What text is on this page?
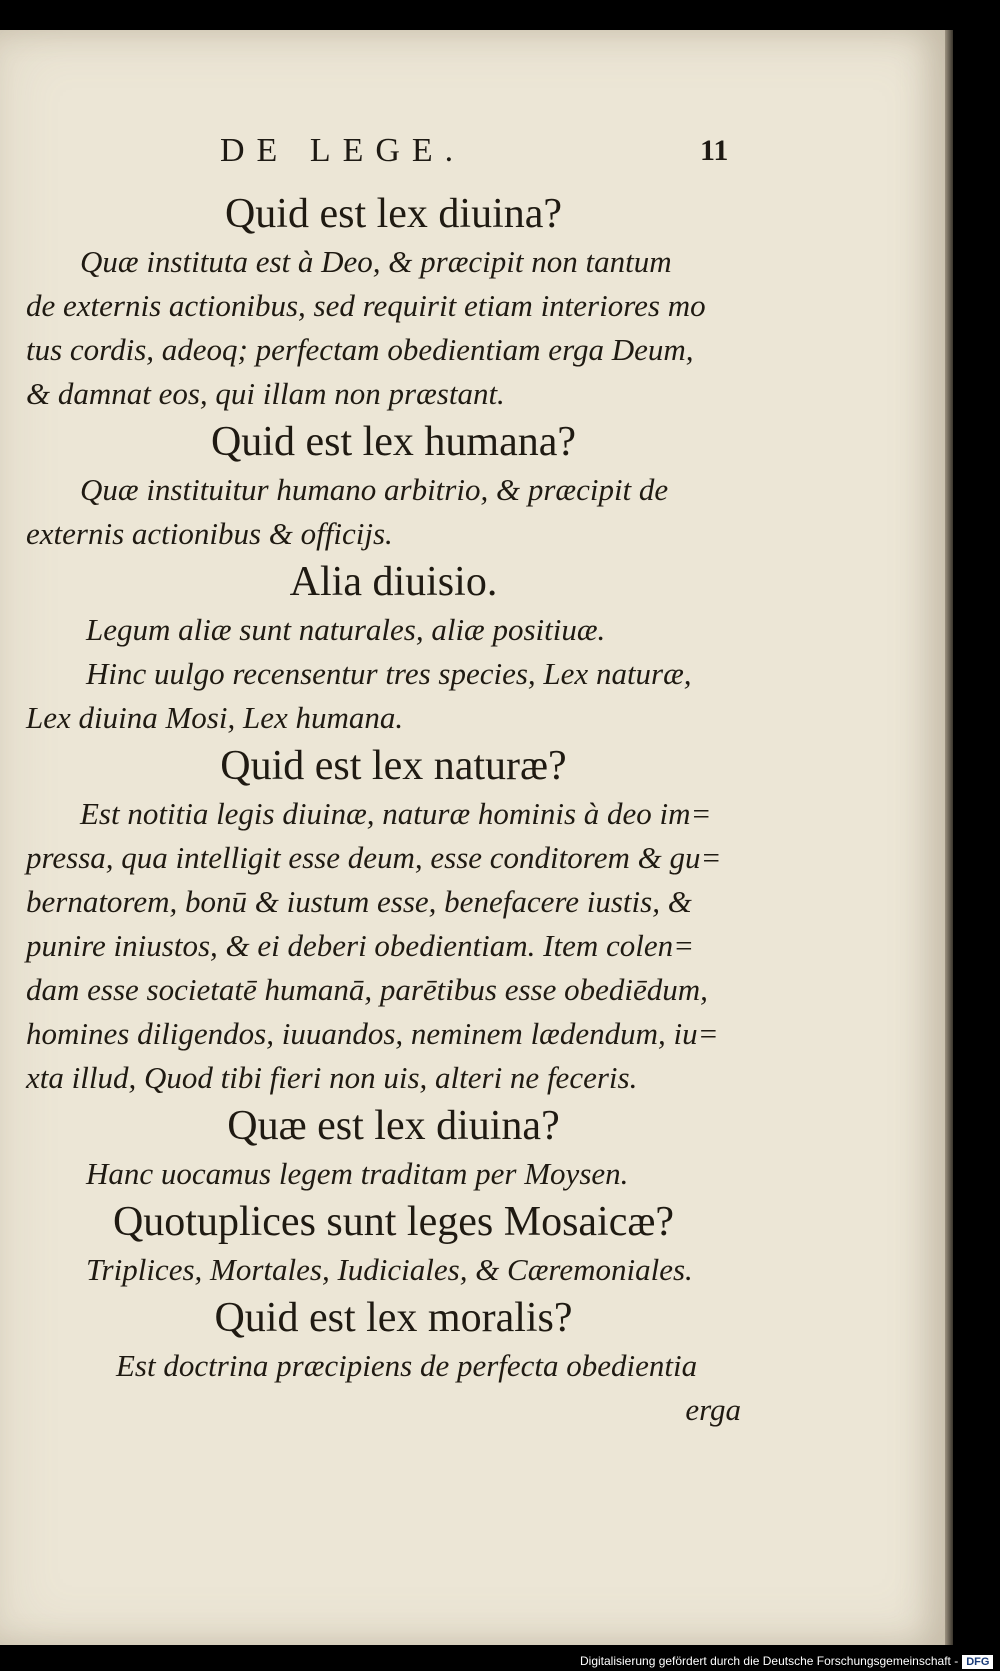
DE LEGE.	11

Quid est lex diuina?

Quæ instituta est à Deo, & præcipit non tantum

de externis actionibus, sed requirit etiam interiores mo

tus cordis, adeoq; perfectam obedientiam erga Deum,

& damnat eos, qui illam non præstant.

Quid est lex humana?

Quæ instituitur humano arbitrio, & præcipit de

externis actionibus & officijs.

Alia diuisio.

Legum aliæ sunt naturales, aliæ positiuæ.

Hinc uulgo recensentur tres species, Lex naturæ,

Lex diuina Mosi, Lex humana.

Quid est lex naturæ?

Est notitia legis diuinæ, naturæ hominis à deo im=

pressa, qua intelligit esse deum, esse conditorem & gu=

bernatorem, bonū & iustum esse, benefacere iustis, &

punire iniustos, & ei deberi obedientiam. Item colen=

dam esse societatē humanā, parētibus esse obediēdum,

homines diligendos, iuuandos, neminem lædendum, iu=

xta illud, Quod tibi fieri non uis, alteri ne feceris.

Quæ est lex diuina?

Hanc uocamus legem traditam per Moysen.

Quotuplices sunt leges Mosaicæ?

Triplices, Mortales, Iudiciales, & Cæremoniales.

Quid est lex moralis?

Est doctrina præcipiens de perfecta obedientia

erga

Digitalisierung gefördert durch die Deutsche Forschungsgemeinschaft - DFG
